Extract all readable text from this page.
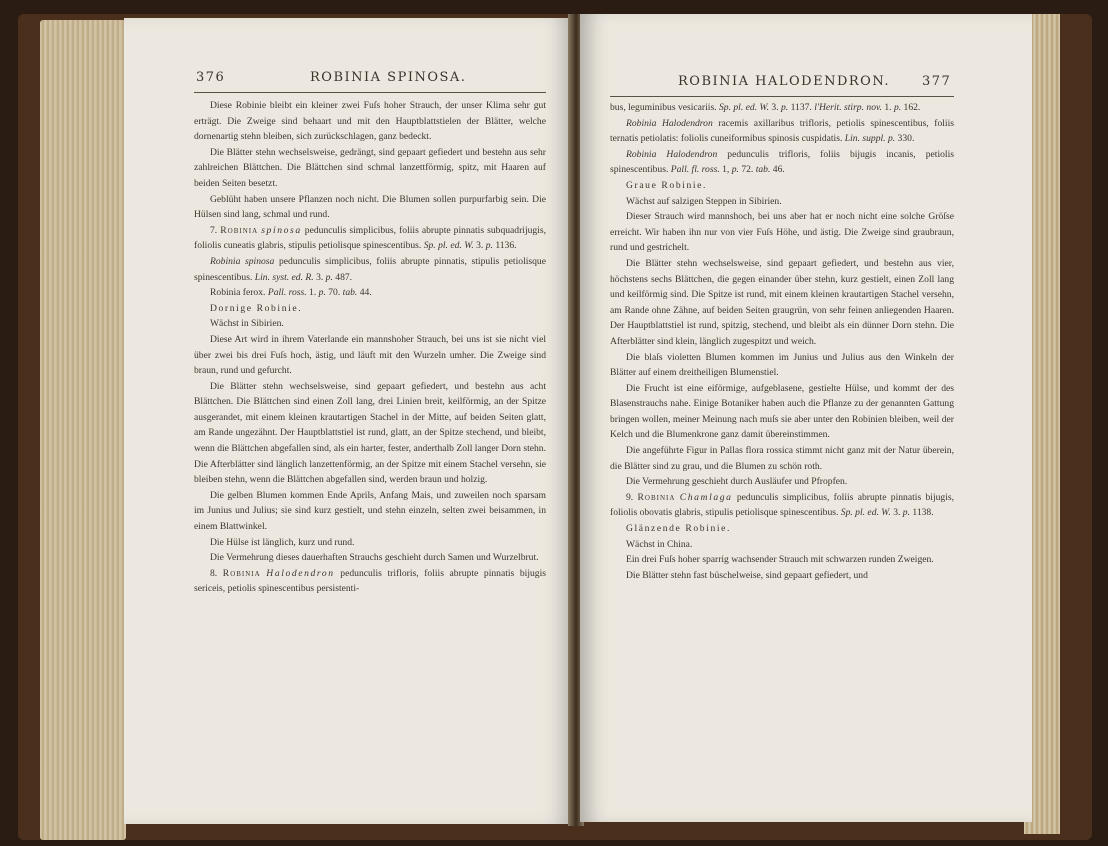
376	ROBINIA SPINOSA.

Diese Robinie bleibt ein kleiner zwei Fuſs hoher Strauch, der unser Klima sehr gut erträgt. Die Zweige sind behaart und mit den Hauptblattstielen der Blätter, welche dornenartig stehn bleiben, sich zurückschlagen, ganz bedeckt.

Die Blätter stehn wechselsweise, gedrängt, sind gepaart gefiedert und bestehn aus sehr zahlreichen Blättchen. Die Blättchen sind schmal lanzettförmig, spitz, mit Haaren auf beiden Seiten besetzt.

Geblüht haben unsere Pflanzen noch nicht. Die Blumen sollen purpurfarbig sein. Die Hülsen sind lang, schmal und rund.

7. Robinia spinosa pedunculis simplicibus, foliis abrupte pinnatis subquadrijugis, foliolis cuneatis glabris, stipulis petiolisque spinescentibus. Sp. pl. ed. W. 3. p. 1136.

Robinia spinosa pedunculis simplicibus, foliis abrupte pinnatis, stipulis petiolisque spinescentibus. Lin. syst. ed. R. 3. p. 487.

Robinia ferox. Pall. ross. 1. p. 70. tab. 44.

Dornige Robinie.

Wächst in Sibirien.

Diese Art wird in ihrem Vaterlande ein mannshoher Strauch, bei uns ist sie nicht viel über zwei bis drei Fuſs hoch, ästig, und läuft mit den Wurzeln umher. Die Zweige sind braun, rund und gefurcht.

Die Blätter stehn wechselsweise, sind gepaart gefiedert, und bestehn aus acht Blättchen. Die Blättchen sind einen Zoll lang, drei Linien breit, keilförmig, an der Spitze ausgerandet, mit einem kleinen krautartigen Stachel in der Mitte, auf beiden Seiten glatt, am Rande ungezähnt. Der Hauptblattstiel ist rund, glatt, an der Spitze stechend, und bleibt, wenn die Blättchen abgefallen sind, als ein harter, fester, anderthalb Zoll langer Dorn stehn. Die Afterblätter sind länglich lanzettenförmig, an der Spitze mit einem Stachel versehn, sie bleiben stehn, wenn die Blättchen abgefallen sind, werden braun und holzig.

Die gelben Blumen kommen Ende Aprils, Anfang Mais, und zuweilen noch sparsam im Junius und Julius; sie sind kurz gestielt, und stehn einzeln, selten zwei beisammen, in einem Blattwinkel.

Die Hülse ist länglich, kurz und rund.

Die Vermehrung dieses dauerhaften Strauchs geschieht durch Samen und Wurzelbrut.

8. Robinia Halodendron pedunculis trifloris, foliis abrupte pinnatis bijugis sericeis, petiolis spinescentibus persistenti-

ROBINIA HALODENDRON. 377

bus, leguminibus vesicariis. Sp. pl. ed. W. 3. p. 1137. l'Herit. stirp. nov. 1. p. 162.

Robinia Halodendron racemis axillaribus trifloris, petiolis spinescentibus, foliis ternatis petiolatis: foliolis cuneiformibus spinosis cuspidatis. Lin. suppl. p. 330.

Robinia Halodendron pedunculis trifloris, foliis bijugis incanis, petiolis spinescentibus. Pall. fl. ross. 1, p. 72. tab. 46.

Graue Robinie.

Wächst auf salzigen Steppen in Sibirien.

Dieser Strauch wird mannshoch, bei uns aber hat er noch nicht eine solche Gröſse erreicht. Wir haben ihn nur von vier Fuſs Höhe, und ästig. Die Zweige sind graubraun, rund und gestrichelt.

Die Blätter stehn wechselsweise, sind gepaart gefiedert, und bestehn aus vier, höchstens sechs Blättchen, die gegen einander über stehn, kurz gestielt, einen Zoll lang und keilförmig sind. Die Spitze ist rund, mit einem kleinen krautartigen Stachel versehn, am Rande ohne Zähne, auf beiden Seiten graugrün, von sehr feinen anliegenden Haaren. Der Hauptblattstiel ist rund, spitzig, stechend, und bleibt als ein dünner Dorn stehn. Die Afterblätter sind klein, länglich zugespitzt und weich.

Die blaſs violetten Blumen kommen im Junius und Julius aus den Winkeln der Blätter auf einem dreitheiligen Blumenstiel.

Die Frucht ist eine eiförmige, aufgeblasene, gestielte Hülse, und kommt der des Blasenstrauchs nahe. Einige Botaniker haben auch die Pflanze zu der genannten Gattung bringen wollen, meiner Meinung nach muſs sie aber unter den Robinien bleiben, weil der Kelch und die Blumenkrone ganz damit übereinstimmen.

Die angeführte Figur in Pallas flora rossica stimmt nicht ganz mit der Natur überein, die Blätter sind zu grau, und die Blumen zu schön roth.

Die Vermehrung geschieht durch Ausläufer und Pfropfen.

9. Robinia Chamlaga pedunculis simplicibus, foliis abrupte pinnatis bijugis, foliolis obovatis glabris, stipulis petiolisque spinescentibus. Sp. pl. ed. W. 3. p. 1138.

Glänzende Robinie.

Wächst in China.

Ein drei Fuſs hoher sparrig wachsender Strauch mit schwarzen runden Zweigen.

Die Blätter stehn fast büschelweise, sind gepaart gefiedert, und
